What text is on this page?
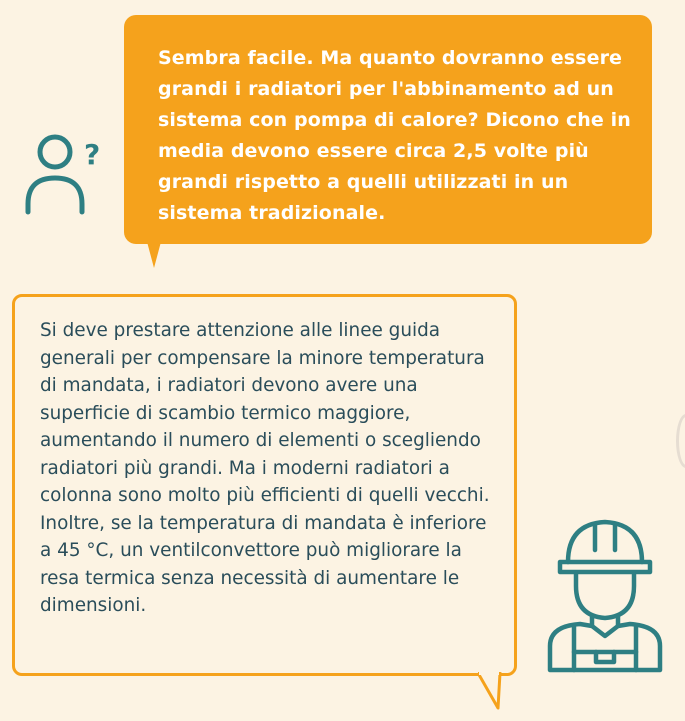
Sembra facile. Ma quanto dovranno essere grandi i radiatori per l'abbinamento ad un sistema con pompa di calore? Dicono che in media devono essere circa 2,5 volte più grandi rispetto a quelli utilizzati in un sistema tradizionale.

?

Si deve prestare attenzione alle linee guida generali per compensare la minore temperatura di mandata, i radiatori devono avere una superficie di scambio termico maggiore, aumentando il numero di elementi o scegliendo radiatori più grandi. Ma i moderni radiatori a colonna sono molto più efficienti di quelli vecchi. Inoltre, se la temperatura di mandata è inferiore a 45 °C, un ventilconvettore può migliorare la resa termica senza necessità di aumentare le dimensioni.
